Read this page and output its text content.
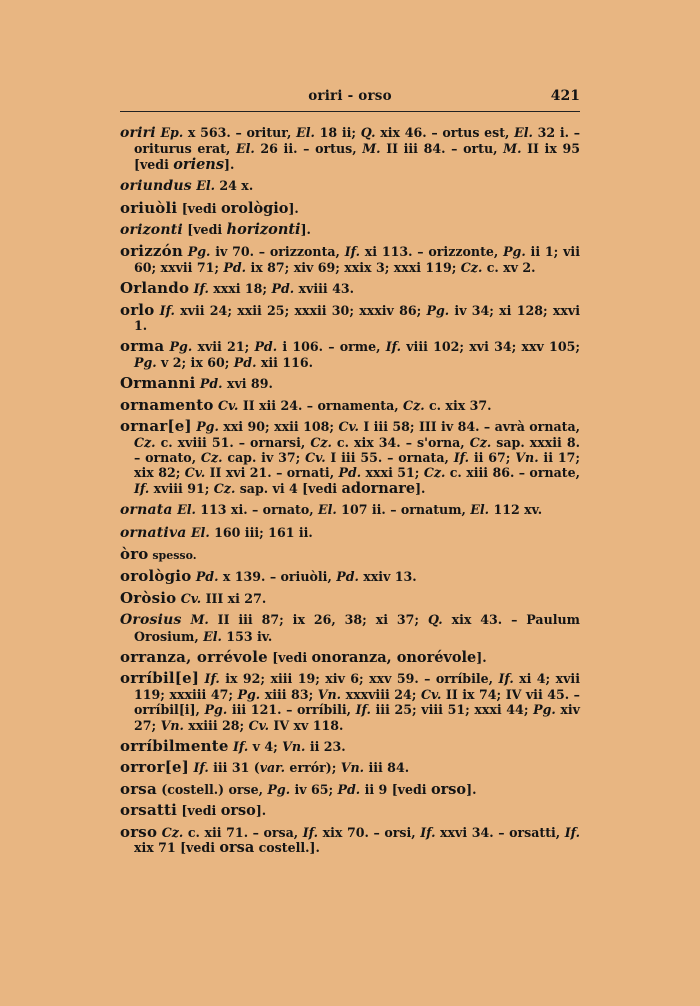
oriri - orso	421

oriri Ep. x 563. – oritur, El. 18 ii; Q. xix 46. – ortus est, El. 32 i. – oriturus erat, El. 26 ii. – ortus, M. II iii 84. – ortu, M. II ix 95 [vedi oriens].

oriundus El. 24 x.

oriuòli [vedi orològio].

orizonti [vedi horizonti].

orizzón Pg. iv 70. – orizzonta, If. xi 113. – orizzonte, Pg. ii 1; vii 60; xxvii 71; Pd. ix 87; xiv 69; xxix 3; xxxi 119; Cz. c. xv 2.

Orlando If. xxxi 18; Pd. xviii 43.

orlo If. xvii 24; xxii 25; xxxii 30; xxxiv 86; Pg. iv 34; xi 128; xxvi 1.

orma Pg. xvii 21; Pd. i 106. – orme, If. viii 102; xvi 34; xxv 105; Pg. v 2; ix 60; Pd. xii 116.

Ormanni Pd. xvi 89.

ornamento Cv. II xii 24. – ornamenta, Cz. c. xix 37.

ornar[e] Pg. xxi 90; xxii 108; Cv. I iii 58; III iv 84. – avrà ornata, Cz. c. xviii 51. – ornarsi, Cz. c. xix 34. – s'orna, Cz. sap. xxxii 8. – ornato, Cz. cap. iv 37; Cv. I iii 55. – ornata, If. ii 67; Vn. ii 17; xix 82; Cv. II xvi 21. – ornati, Pd. xxxi 51; Cz. c. xiii 86. – ornate, If. xviii 91; Cz. sap. vi 4 [vedi adornare].

ornata El. 113 xi. – ornato, El. 107 ii. – ornatum, El. 112 xv.

ornativa El. 160 iii; 161 ii.

òro spesso.

orològio Pd. x 139. – oriuòli, Pd. xxiv 13.

Oròsio Cv. III xi 27.

Orosius M. II iii 87; ix 26, 38; xi 37; Q. xix 43. – Paulum Orosium, El. 153 iv.

orranza, orrévole [vedi onoranza, onorévole].

orríbil[e] If. ix 92; xiii 19; xiv 6; xxv 59. – orríbile, If. xi 4; xvii 119; xxxiii 47; Pg. xiii 83; Vn. xxxviii 24; Cv. II ix 74; IV vii 45. – orríbil[i], Pg. iii 121. – orríbili, If. iii 25; viii 51; xxxi 44; Pg. xiv 27; Vn. xxiii 28; Cv. IV xv 118.

orríbilmente If. v 4; Vn. ii 23.

orror[e] If. iii 31 (var. errór); Vn. iii 84.

orsa (costell.) orse, Pg. iv 65; Pd. ii 9 [vedi orso].

orsatti [vedi orso].

orso Cz. c. xii 71. – orsa, If. xix 70. – orsi, If. xxvi 34. – orsatti, If. xix 71 [vedi orsa costell.].
